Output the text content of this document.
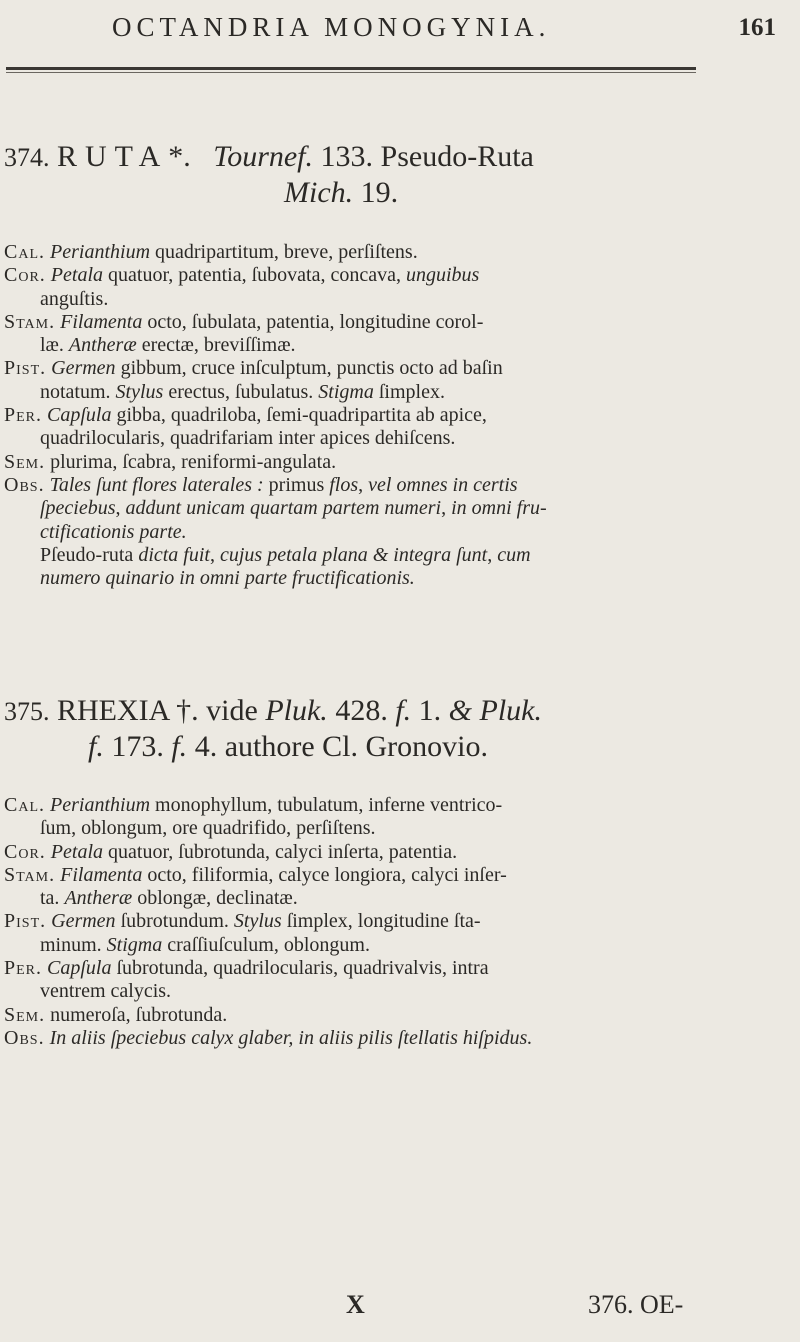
OCTANDRIA MONOGYNIA.	161
374. RUTA*. Tournef. 133. Pseudo-Ruta
Mich. 19.
Cal. Perianthium quadripartitum, breve, perſiſtens.
Cor. Petala quatuor, patentia, ſubovata, concava, unguibus
anguſtis.
Stam. Filamenta octo, ſubulata, patentia, longitudine corol-
læ. Antheræ erectæ, breviſſimæ.
Pist. Germen gibbum, cruce inſculptum, punctis octo ad baſin
notatum. Stylus erectus, ſubulatus. Stigma ſimplex.
Per. Capſula gibba, quadriloba, ſemi-quadripartita ab apice,
quadrilocularis, quadrifariam inter apices dehiſcens.
Sem. plurima, ſcabra, reniformi-angulata.
Obs. Tales ſunt flores laterales : primus flos, vel omnes in certis
ſpeciebus, addunt unicam quartam partem numeri, in omni fru-
ctificationis parte.
Pſeudo-ruta dicta fuit, cujus petala plana & integra ſunt, cum
numero quinario in omni parte fructificationis.
375. RHEXIA †. vide Pluk. 428. f. 1. & Pluk.
f. 173. f. 4. authore Cl. Gronovio.
Cal. Perianthium monophyllum, tubulatum, inferne ventrico-
ſum, oblongum, ore quadrifido, perſiſtens.
Cor. Petala quatuor, ſubrotunda, calyci inſerta, patentia.
Stam. Filamenta octo, filiformia, calyce longiora, calyci inſer-
ta. Antheræ oblongæ, declinatæ.
Pist. Germen ſubrotundum. Stylus ſimplex, longitudine ſta-
minum. Stigma craſſiuſculum, oblongum.
Per. Capſula ſubrotunda, quadrilocularis, quadrivalvis, intra
ventrem calycis.
Sem. numeroſa, ſubrotunda.
Obs. In aliis ſpeciebus calyx glaber, in aliis pilis ſtellatis hiſpidus.
X	376. OE-
